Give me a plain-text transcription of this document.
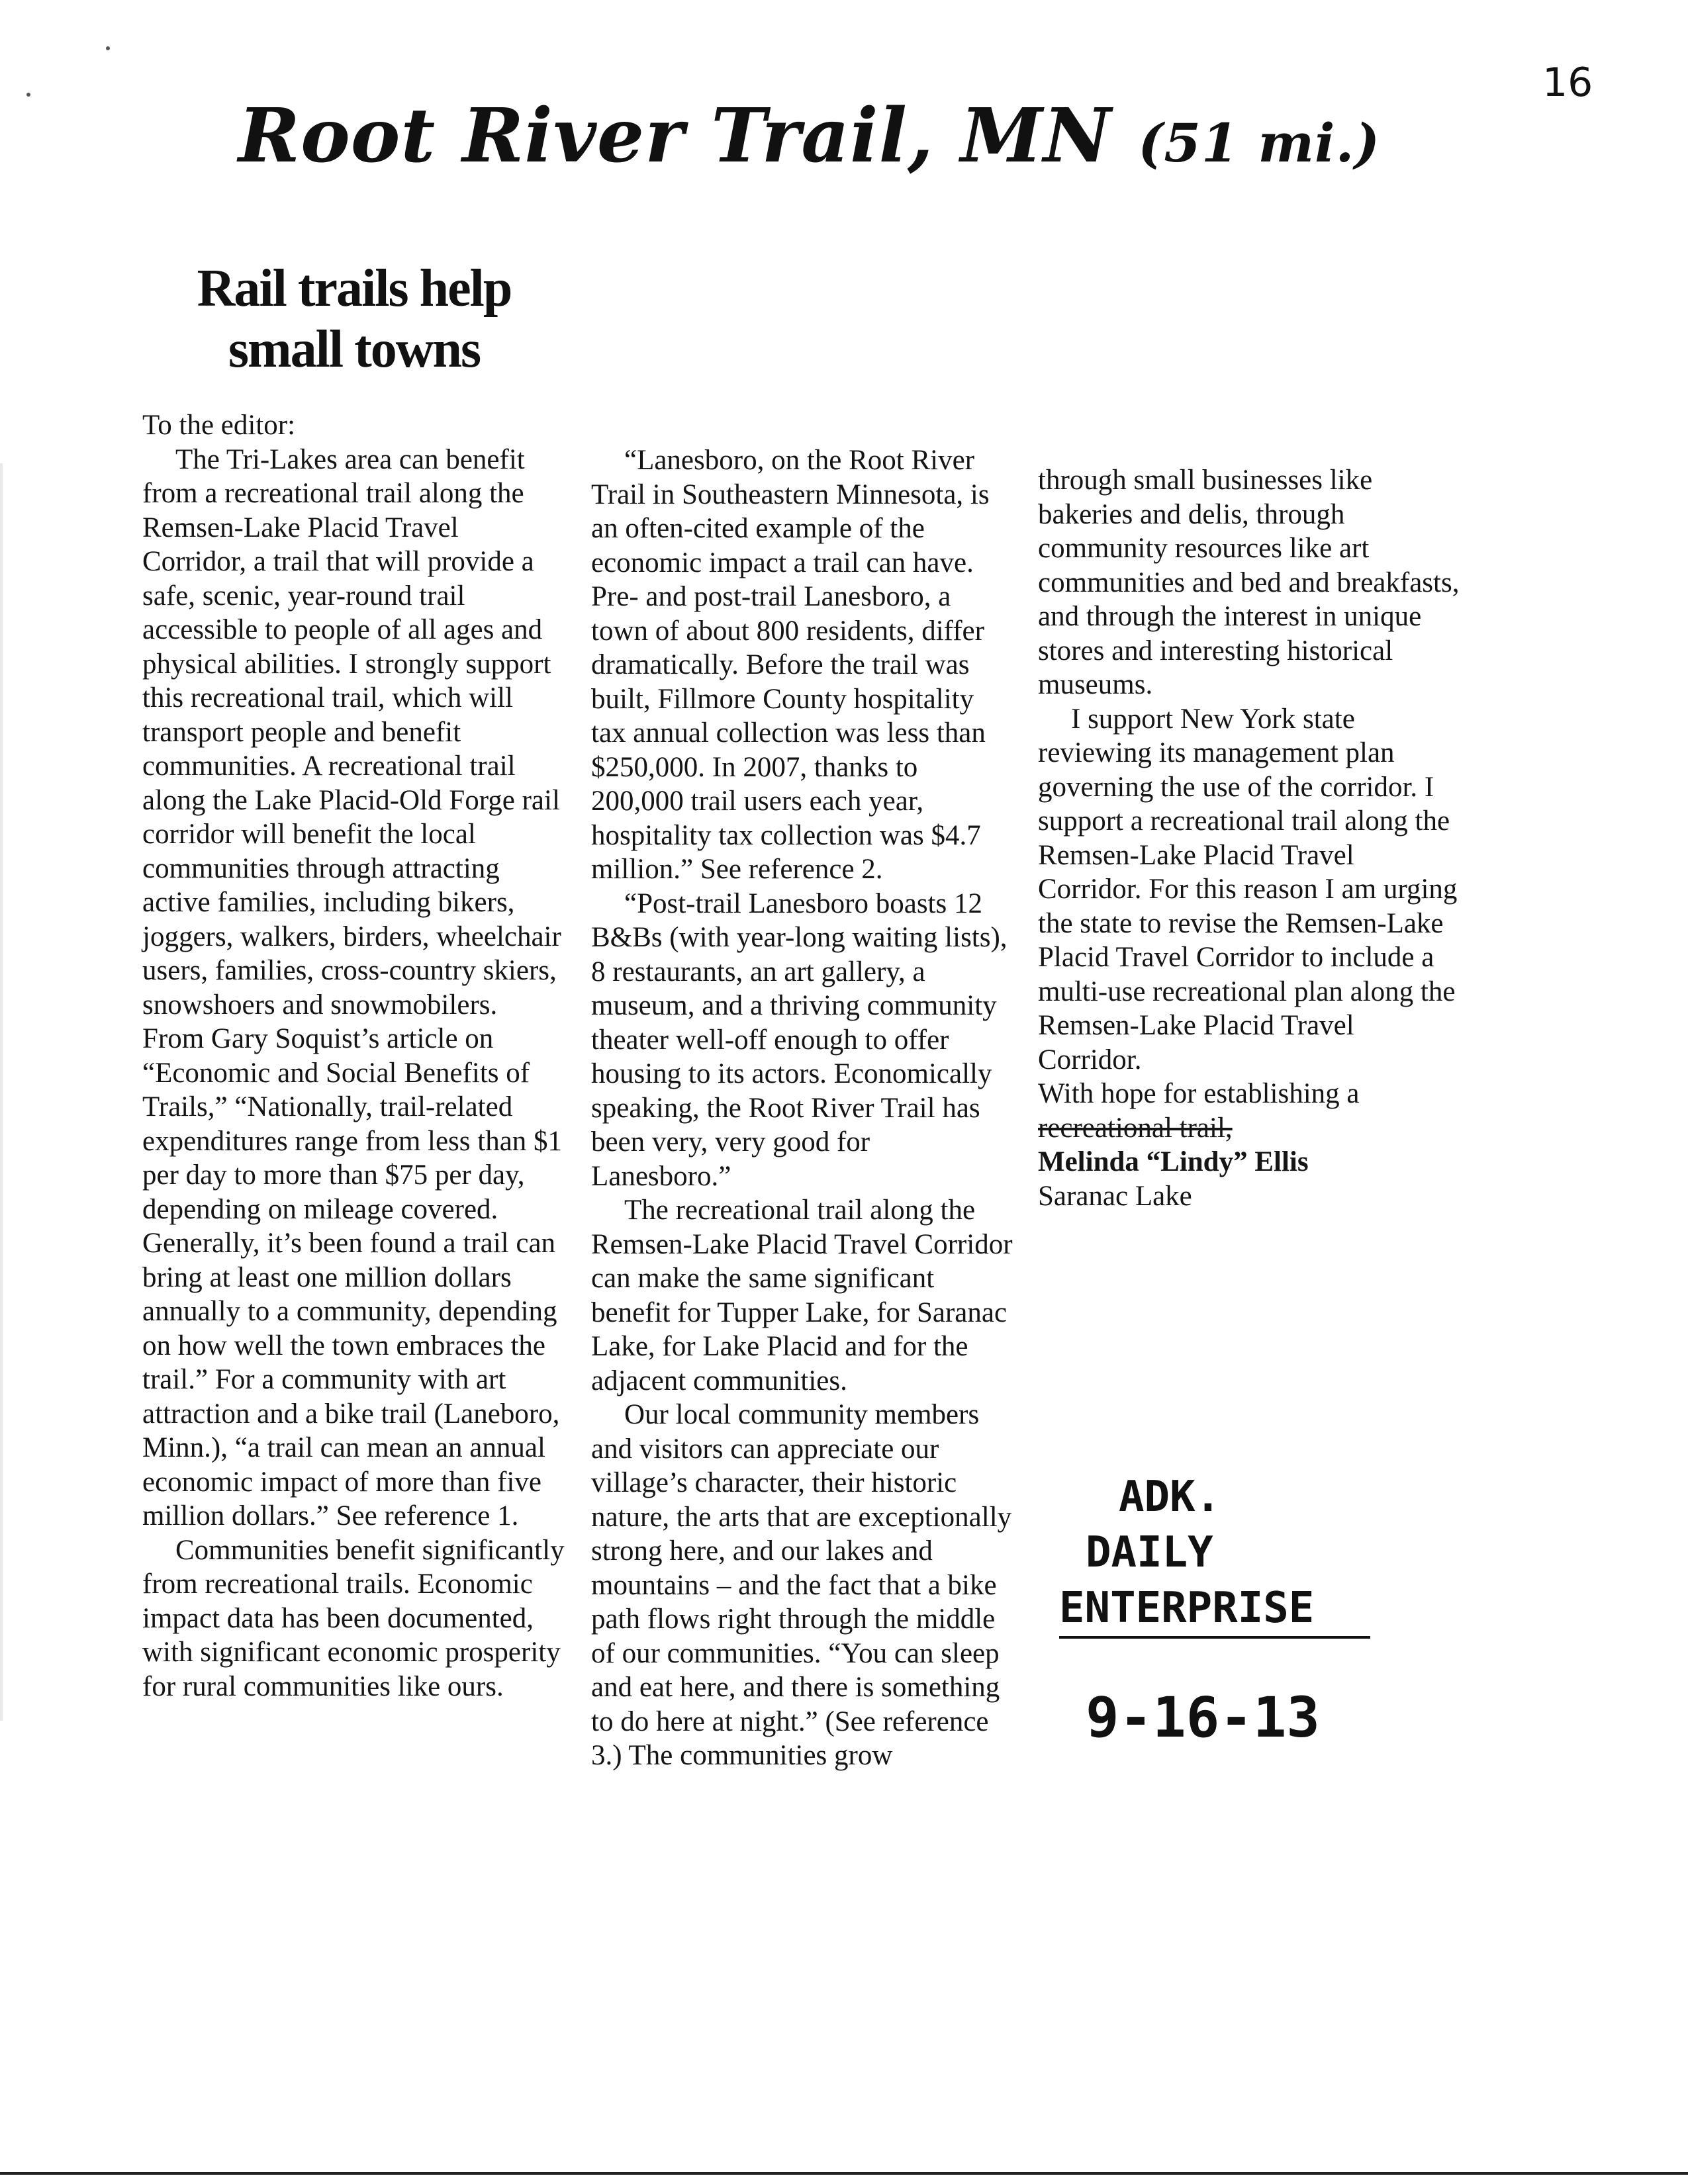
16
Root River Trail, MN (51 mi.)
Rail trails help
small towns

To the editor:

The Tri-Lakes area can benefit from a recreational trail along the Remsen-Lake Placid Travel Corridor, a trail that will provide a safe, scenic, year-round trail accessible to people of all ages and physical abilities. I strongly support this recreational trail, which will transport people and benefit communities. A recreational trail along the Lake Placid-Old Forge rail corridor will benefit the local communities through attracting active families, including bikers, joggers, walkers, birders, wheelchair users, families, cross-country skiers, snowshoers and snowmobilers. From Gary Soquist’s article on “Economic and Social Benefits of Trails,” “Nationally, trail-related expenditures range from less than $1 per day to more than $75 per day, depending on mileage covered. Generally, it’s been found a trail can bring at least one million dollars annually to a community, depending on how well the town embraces the trail.” For a community with art attraction and a bike trail (Laneboro, Minn.), “a trail can mean an annual economic impact of more than five million dollars.” See reference 1.

Communities benefit significantly from recreational trails. Economic impact data has been documented, with significant economic prosperity for rural communities like ours.

“Lanesboro, on the Root River Trail in Southeastern Minnesota, is an often-cited example of the economic impact a trail can have. Pre- and post-trail Lanesboro, a town of about 800 residents, differ dramatically. Before the trail was built, Fillmore County hospitality tax annual collection was less than $250,000. In 2007, thanks to 200,000 trail users each year, hospitality tax collection was $4.7 million.” See reference 2.

“Post-trail Lanesboro boasts 12 B&Bs (with year-long waiting lists), 8 restaurants, an art gallery, a museum, and a thriving community theater well-off enough to offer housing to its actors. Economically speaking, the Root River Trail has been very, very good for Lanesboro.”

The recreational trail along the Remsen-Lake Placid Travel Corridor can make the same significant benefit for Tupper Lake, for Saranac Lake, for Lake Placid and for the adjacent communities.

Our local community members and visitors can appreciate our village’s character, their historic nature, the arts that are exceptionally strong here, and our lakes and mountains – and the fact that a bike path flows right through the middle of our communities. “You can sleep and eat here, and there is something to do here at night.” (See reference 3.) The communities grow

through small businesses like bakeries and delis, through community resources like art communities and bed and breakfasts, and through the interest in unique stores and interesting historical museums.

I support New York state reviewing its management plan governing the use of the corridor. I support a recreational trail along the Remsen-Lake Placid Travel Corridor. For this reason I am urging the state to revise the Remsen-Lake Placid Travel Corridor to include a multi-use recreational plan along the Remsen-Lake Placid Travel Corridor.

With hope for establishing a

recreational trail,

Melinda “Lindy” Ellis

Saranac Lake

ADK.
DAILY
ENTERPRISE
9-16-13
